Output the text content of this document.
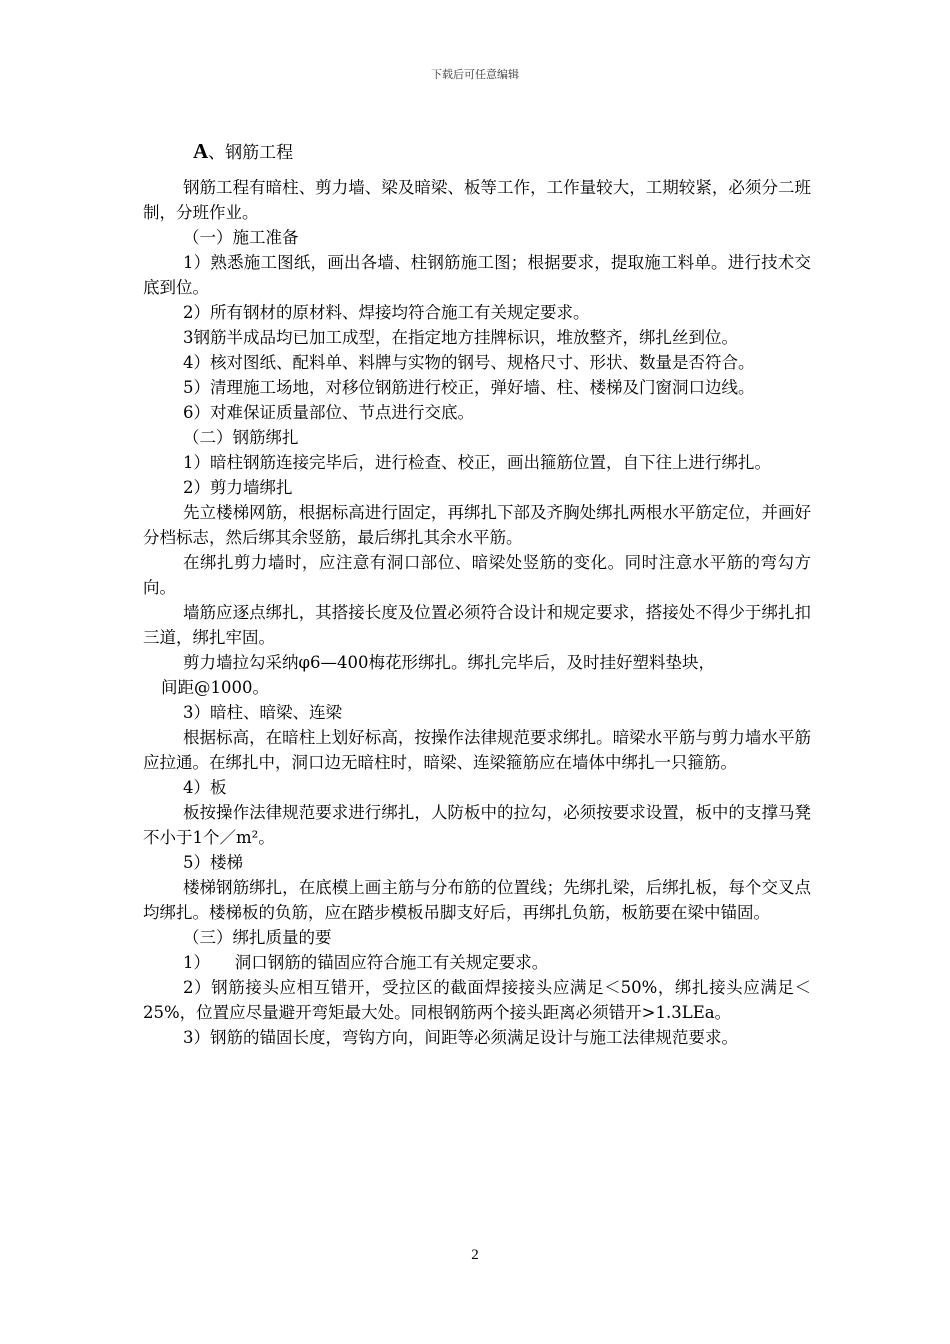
下载后可任意编辑

A、钢筋工程

钢筋工程有暗柱、剪力墙、梁及暗梁、板等工作，工作量较大，工期较紧，必须分二班制，分班作业。

（一）施工准备

1）熟悉施工图纸，画出各墙、柱钢筋施工图；根据要求，提取施工料单。进行技术交底到位。

2）所有钢材的原材料、焊接均符合施工有关规定要求。

3钢筋半成品均已加工成型，在指定地方挂牌标识，堆放整齐，绑扎丝到位。

4）核对图纸、配料单、料牌与实物的钢号、规格尺寸、形状、数量是否符合。

5）清理施工场地，对移位钢筋进行校正，弹好墙、柱、楼梯及门窗洞口边线。

6）对难保证质量部位、节点进行交底。

（二）钢筋绑扎

1）暗柱钢筋连接完毕后，进行检查、校正，画出箍筋位置，自下往上进行绑扎。

2）剪力墙绑扎

先立楼梯网筋，根据标高进行固定，再绑扎下部及齐胸处绑扎两根水平筋定位，并画好分档标志，然后绑其余竖筋，最后绑扎其余水平筋。

在绑扎剪力墙时，应注意有洞口部位、暗梁处竖筋的变化。同时注意水平筋的弯勾方向。

墙筋应逐点绑扎，其搭接长度及位置必须符合设计和规定要求，搭接处不得少于绑扎扣三道，绑扎牢固。

剪力墙拉勾采纳φ6—400梅花形绑扎。绑扎完毕后，及时挂好塑料垫块，

间距@1000。

3）暗柱、暗梁、连梁

根据标高，在暗柱上划好标高，按操作法律规范要求绑扎。暗梁水平筋与剪力墙水平筋应拉通。在绑扎中，洞口边无暗柱时，暗梁、连梁箍筋应在墙体中绑扎一只箍筋。

4）板

板按操作法律规范要求进行绑扎，人防板中的拉勾，必须按要求设置，板中的支撑马凳不小于1个／m²。

5）楼梯

楼梯钢筋绑扎，在底模上画主筋与分布筋的位置线；先绑扎梁，后绑扎板，每个交叉点均绑扎。楼梯板的负筋，应在踏步模板吊脚支好后，再绑扎负筋，板筋要在梁中锚固。

（三）绑扎质量的要

1）　　洞口钢筋的锚固应符合施工有关规定要求。

2）钢筋接头应相互错开，受拉区的截面焊接接头应满足＜50%，绑扎接头应满足＜25%，位置应尽量避开弯矩最大处。同根钢筋两个接头距离必须错开>1.3LEa。

3）钢筋的锚固长度，弯钩方向，间距等必须满足设计与施工法律规范要求。

2
